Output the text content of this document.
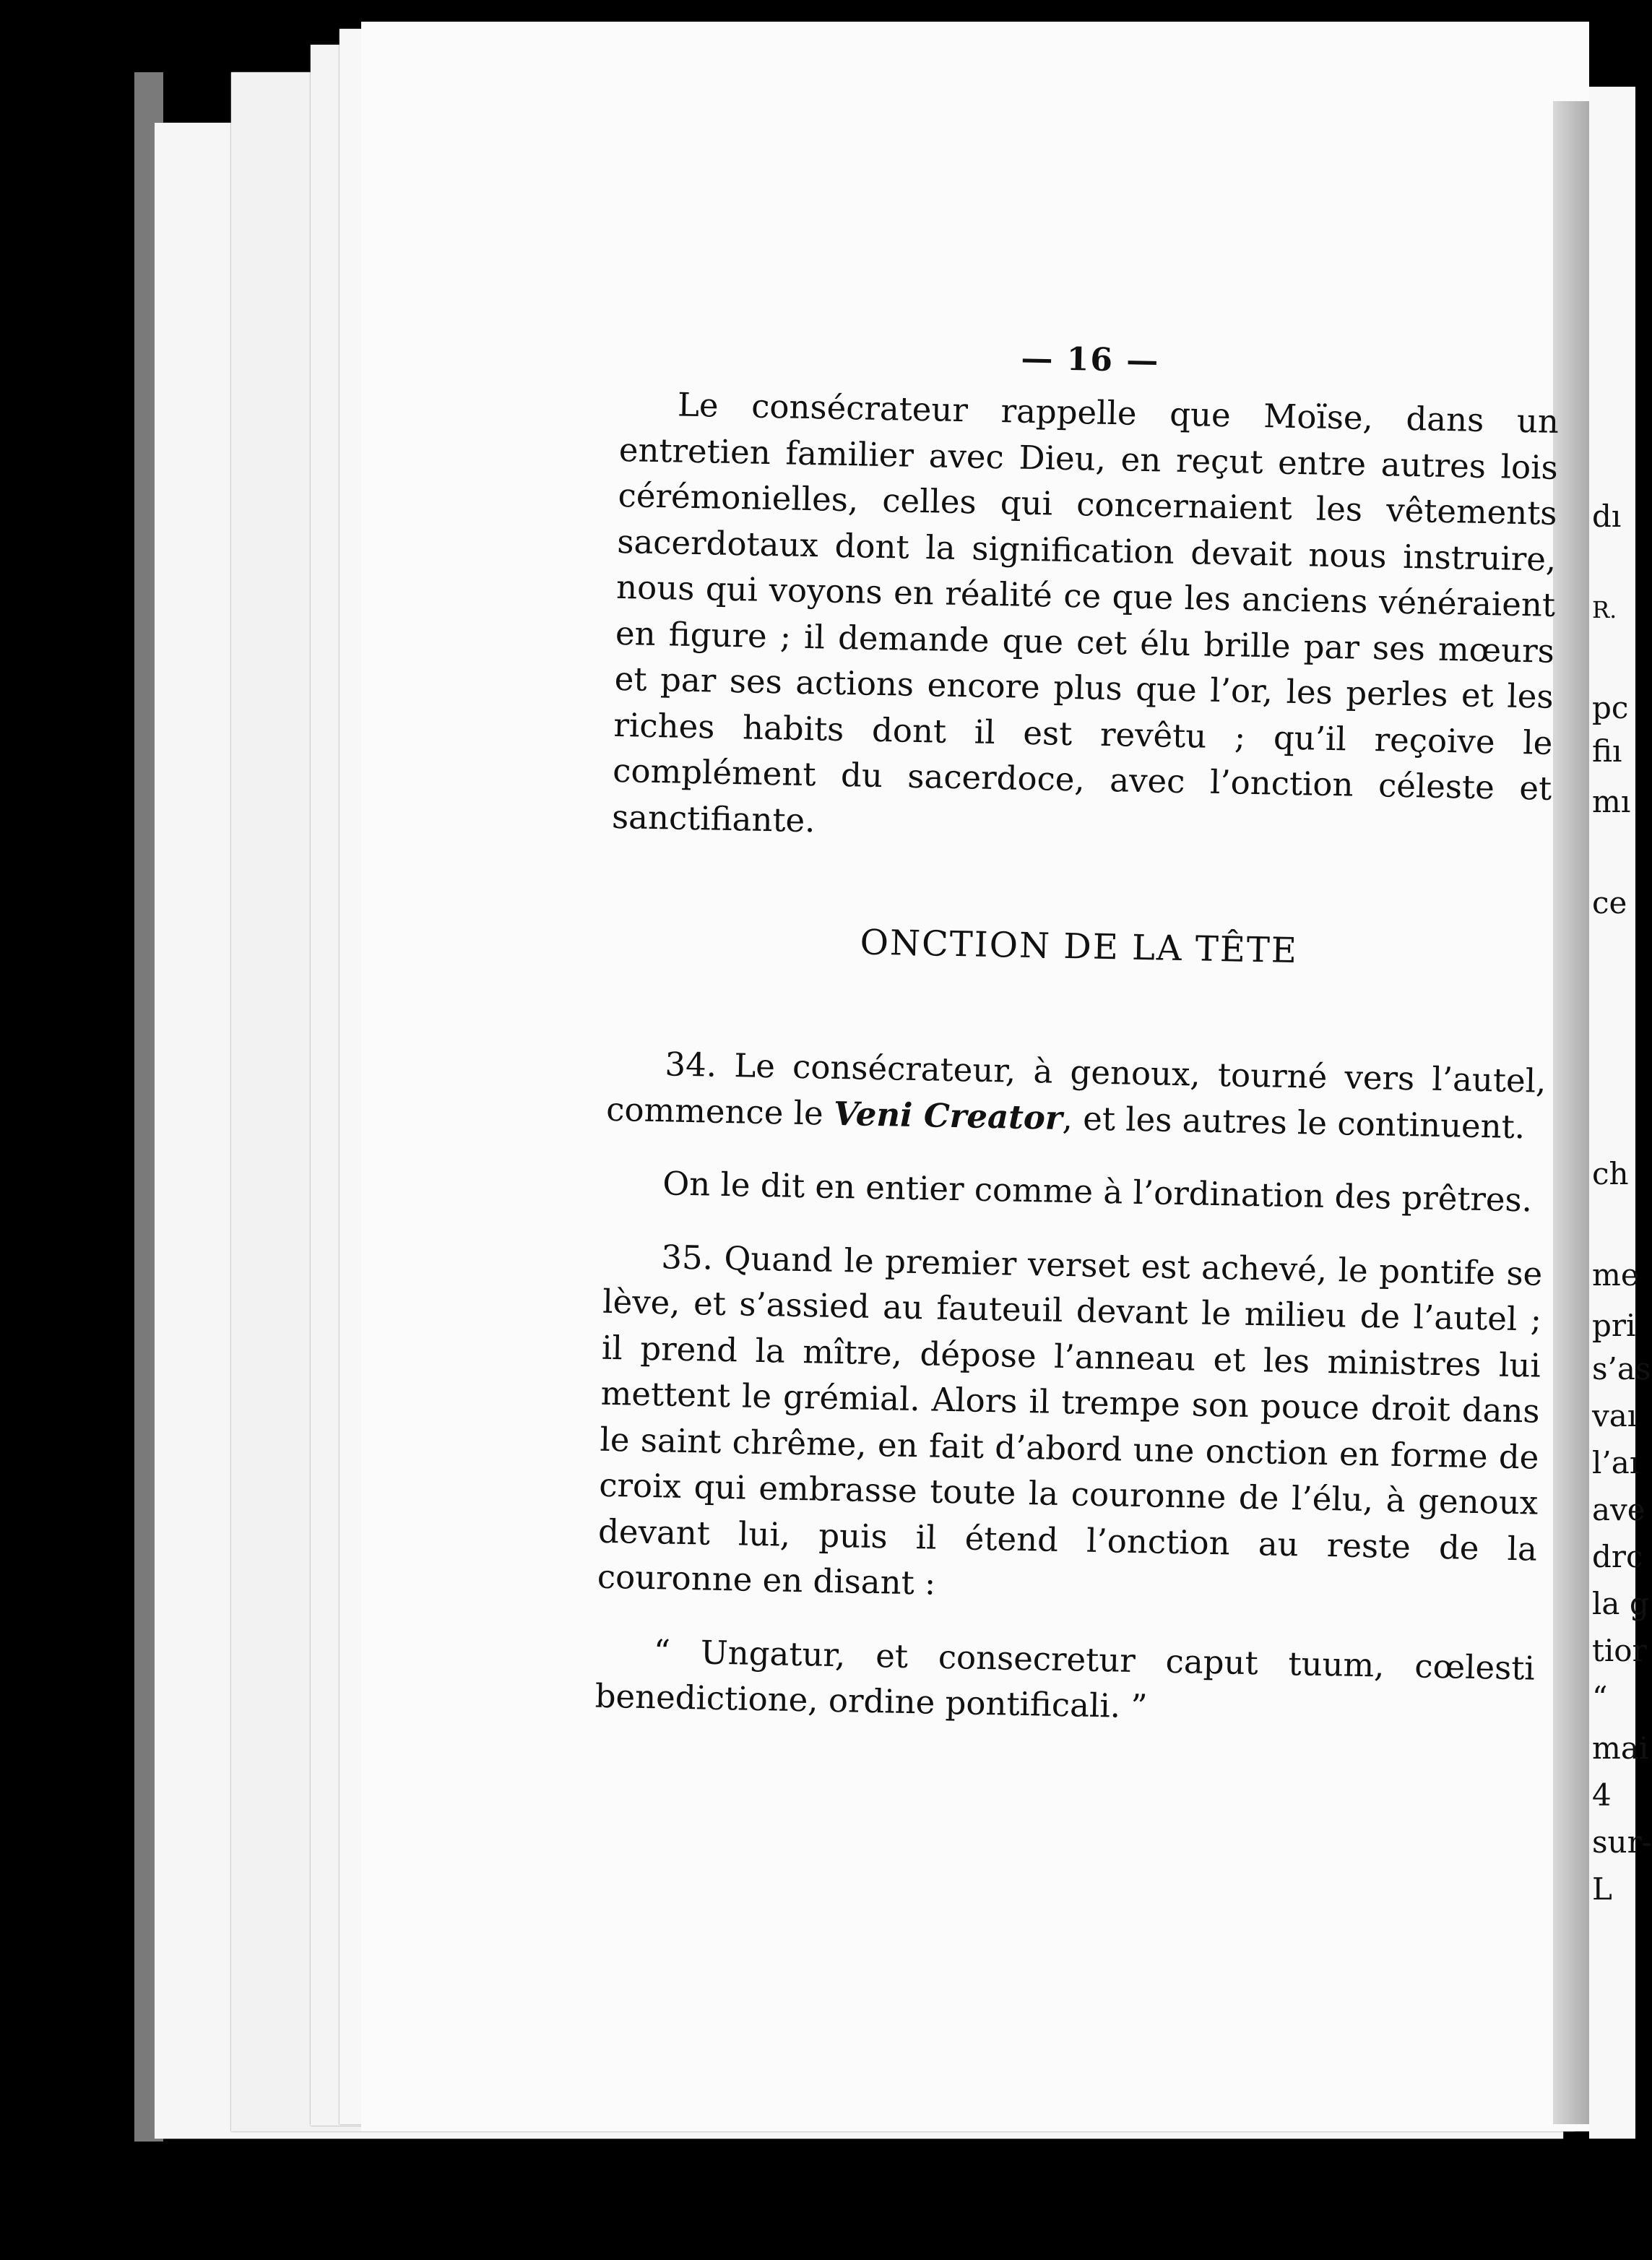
dı
R.
pc
fiı
mı
ce
ch
me
pri
s’as
vaı
l’aı
ave
drc
la g
tior
“
mai
4
sur-
L
— 16 —

Le consécrateur rappelle que Moïse, dans un entretien familier avec Dieu, en reçut entre autres lois cérémonielles, celles qui concernaient les vêtements sacerdotaux dont la signification devait nous instruire, nous qui voyons en réalité ce que les anciens vénéraient en figure ; il demande que cet élu brille par ses mœurs et par ses actions encore plus que l’or, les perles et les riches habits dont il est revêtu ; qu’il reçoive le complément du sacerdoce, avec l’onction céleste et sanctifiante.

ONCTION DE LA TÊTE

34. Le consécrateur, à genoux, tourné vers l’autel, commence le Veni Creator, et les autres le continuent.

On le dit en entier comme à l’ordination des prêtres.

35. Quand le premier verset est achevé, le pontife se lève, et s’assied au fauteuil devant le milieu de l’autel ; il prend la mître, dépose l’anneau et les ministres lui mettent le grémial. Alors il trempe son pouce droit dans le saint chrême, en fait d’abord une onction en forme de croix qui embrasse toute la couronne de l’élu, à genoux devant lui, puis il étend l’onction au reste de la couronne en disant :

“ Ungatur, et consecretur caput tuum, cœlesti benedictione, ordine pontificali. ”
